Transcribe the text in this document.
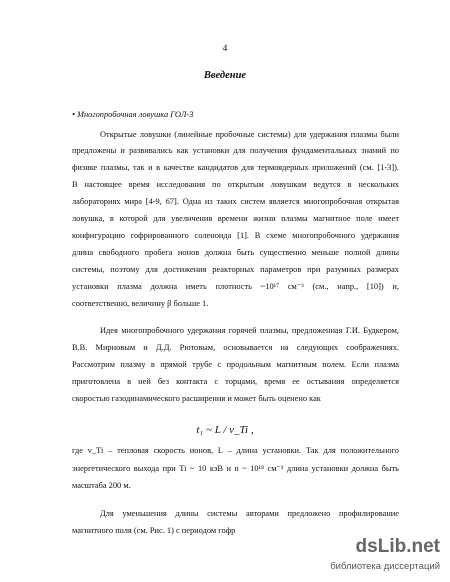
4
Введение
• Многопробочная ловушка ГОЛ-3
Открытые ловушки (линейные пробочные системы) для удержания плазмы были
предложены и развивались как установки для получения фундаментальных знаний по
физике плазмы, так и в качестве кандидатов для термоядерных приложений (см. [1-3]).
В настоящее время исследования по открытым ловушкам ведутся в нескольких
лабораториях мира [4-9, 67]. Одна из таких систем является многопробочная открытая
ловушка, в которой для увеличения времени жизни плазмы магнитное поле имеет
конфигурацию гофрированного соленоида [1]. В схеме многопробочного удержания
длина свободного пробега ионов должна быть существенно меньше полной длины
системы, поэтому для достижения реакторных параметров при разумных размерах
установки плазма должна иметь плотность ~10¹⁷ см⁻³ (см., напр., [10]) и,
соответственно, величину β больше 1.
Идея многопробочного удержания горячей плазмы, предложенная Г.И. Будкером,
В.В. Мирновым и Д.Д. Рютовым, основывается на следующих соображениях.
Рассмотрим плазму в прямой трубе с продольным магнитным полем. Если плазма
приготовлена в ней без контакта с торцами, время ее остывания определяется
скоростью газодинамического расширения и может быть оценено как
t₁ ~ L / v_Ti ,
где v_Ti – тепловая скорость ионов, L – длина установки. Так для положительного
энергетического выхода при Ti ~ 10 кэВ и n ~ 10¹⁸ см⁻³ длина установки должна быть
масштаба 200 м.
Для уменьшения длины системы авторами предложено профилирование
магнитного поля (см. Рис. 1) с периодом гофр
dsLib.net
библиотека диссертаций
